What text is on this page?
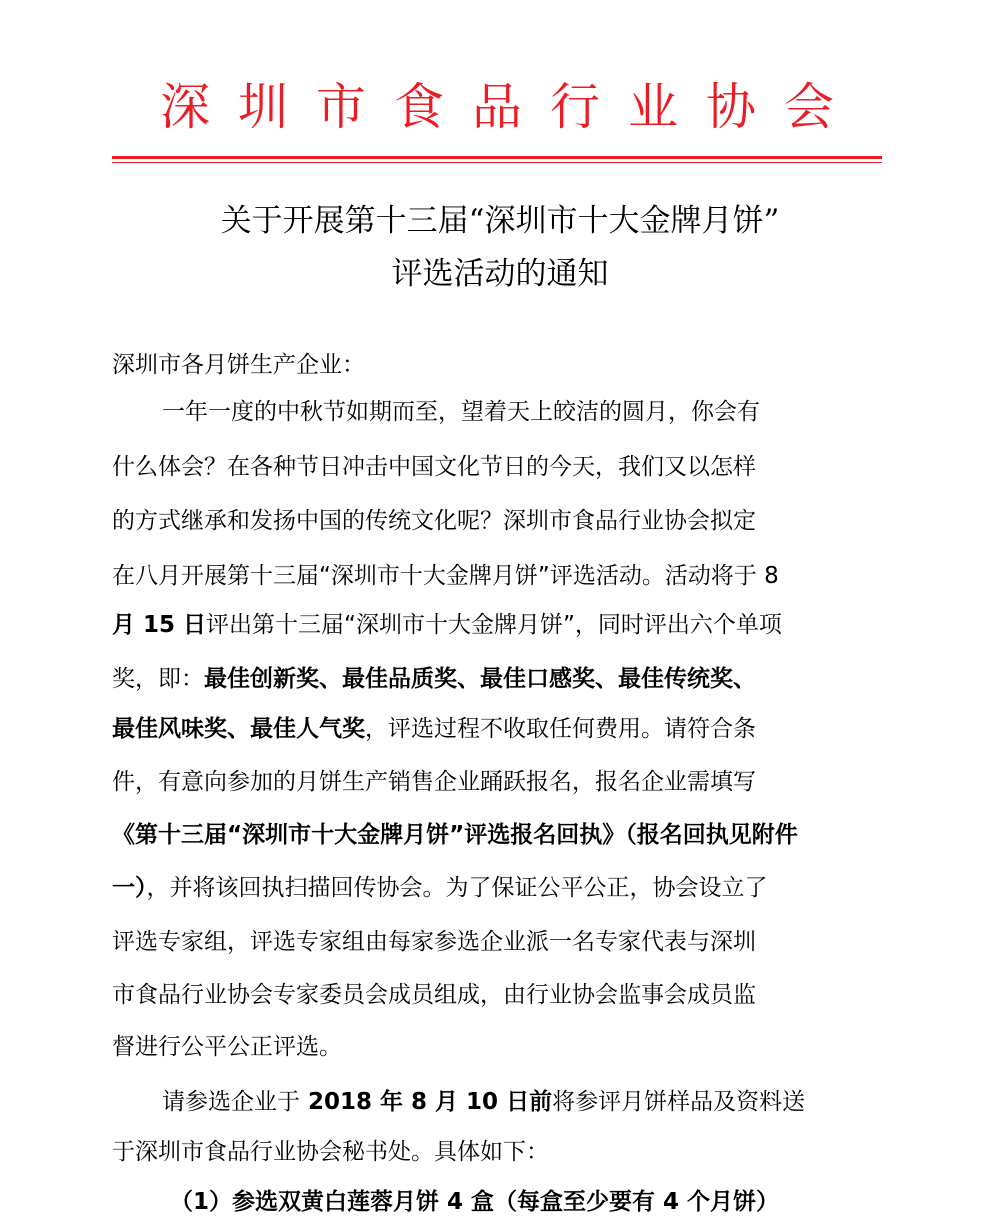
深圳市食品行业协会
关于开展第十三届“深圳市十大金牌月饼”
评选活动的通知
深圳市各月饼生产企业：
一年一度的中秋节如期而至，望着天上皎洁的圆月，你会有
什么体会？在各种节日冲击中国文化节日的今天，我们又以怎样
的方式继承和发扬中国的传统文化呢？深圳市食品行业协会拟定
在八月开展第十三届“深圳市十大金牌月饼”评选活动。活动将于 8
月 15 日评出第十三届“深圳市十大金牌月饼”，同时评出六个单项
奖，即：最佳创新奖、最佳品质奖、最佳口感奖、最佳传统奖、
最佳风味奖、最佳人气奖，评选过程不收取任何费用。请符合条
件，有意向参加的月饼生产销售企业踊跃报名，报名企业需填写
《第十三届“深圳市十大金牌月饼”评选报名回执》（报名回执见附件
一），并将该回执扫描回传协会。为了保证公平公正，协会设立了
评选专家组，评选专家组由每家参选企业派一名专家代表与深圳
市食品行业协会专家委员会成员组成，由行业协会监事会成员监
督进行公平公正评选。
请参选企业于 2018 年 8 月 10 日前将参评月饼样品及资料送
于深圳市食品行业协会秘书处。具体如下：
（1）参选双黄白莲蓉月饼 4 盒（每盒至少要有 4 个月饼）
